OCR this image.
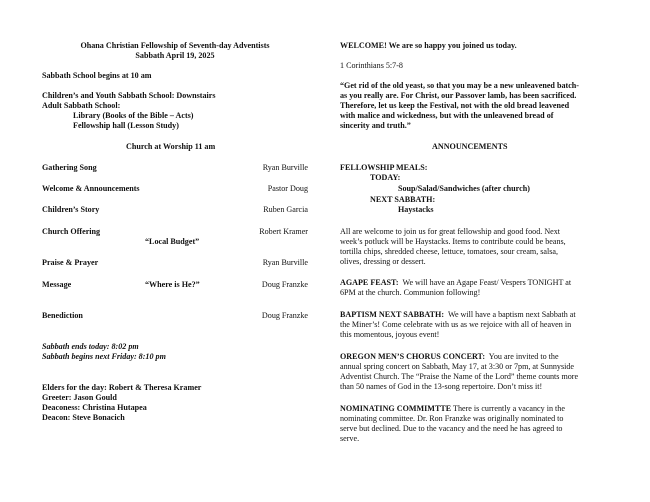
Ohana Christian Fellowship of Seventh-day Adventists
Sabbath April 19, 2025
Sabbath School begins at 10 am
Children’s and Youth Sabbath School: Downstairs
Adult Sabbath School:
Library (Books of the Bible – Acts)
Fellowship hall (Lesson Study)
Church at Worship 11 am
Gathering Song	Ryan Burville
Welcome & Announcements	Pastor Doug
Children’s Story	Ruben Garcia
Church Offering	Robert Kramer
“Local Budget”
Praise & Prayer	Ryan Burville
Message	“Where is He?”	Doug Franzke
Benediction	Doug Franzke
Sabbath ends today: 8:02 pm
Sabbath begins next Friday: 8:10 pm
Elders for the day: Robert & Theresa Kramer
Greeter: Jason Gould
Deaconess: Christina Hutapea
Deacon: Steve Bonacich
WELCOME! We are so happy you joined us today.
1 Corinthians 5:7-8
“Get rid of the old yeast, so that you may be a new unleavened batch-
as you really are. For Christ, our Passover lamb, has been sacrificed.
Therefore, let us keep the Festival, not with the old bread leavened
with malice and wickedness, but with the unleavened bread of
sincerity and truth.”
ANNOUNCEMENTS
FELLOWSHIP MEALS:
TODAY:
Soup/Salad/Sandwiches (after church)
NEXT SABBATH:
Haystacks
All are welcome to join us for great fellowship and good food. Next
week’s potluck will be Haystacks. Items to contribute could be beans,
tortilla chips, shredded cheese, lettuce, tomatoes, sour cream, salsa,
olives, dressing or dessert.
AGAPE FEAST:  We will have an Agape Feast/ Vespers TONIGHT at
6PM at the church. Communion following!
BAPTISM NEXT SABBATH:  We will have a baptism next Sabbath at
the Miner’s! Come celebrate with us as we rejoice with all of heaven in
this momentous, joyous event!
OREGON MEN’S CHORUS CONCERT:  You are invited to the
annual spring concert on Sabbath, May 17, at 3:30 or 7pm, at Sunnyside
Adventist Church. The “Praise the Name of the Lord” theme counts more
than 50 names of God in the 13-song repertoire. Don’t miss it!
NOMINATING COMMIMTTE There is currently a vacancy in the
nominating committee. Dr. Ron Franzke was originally nominated to
serve but declined. Due to the vacancy and the need he has agreed to
serve.
